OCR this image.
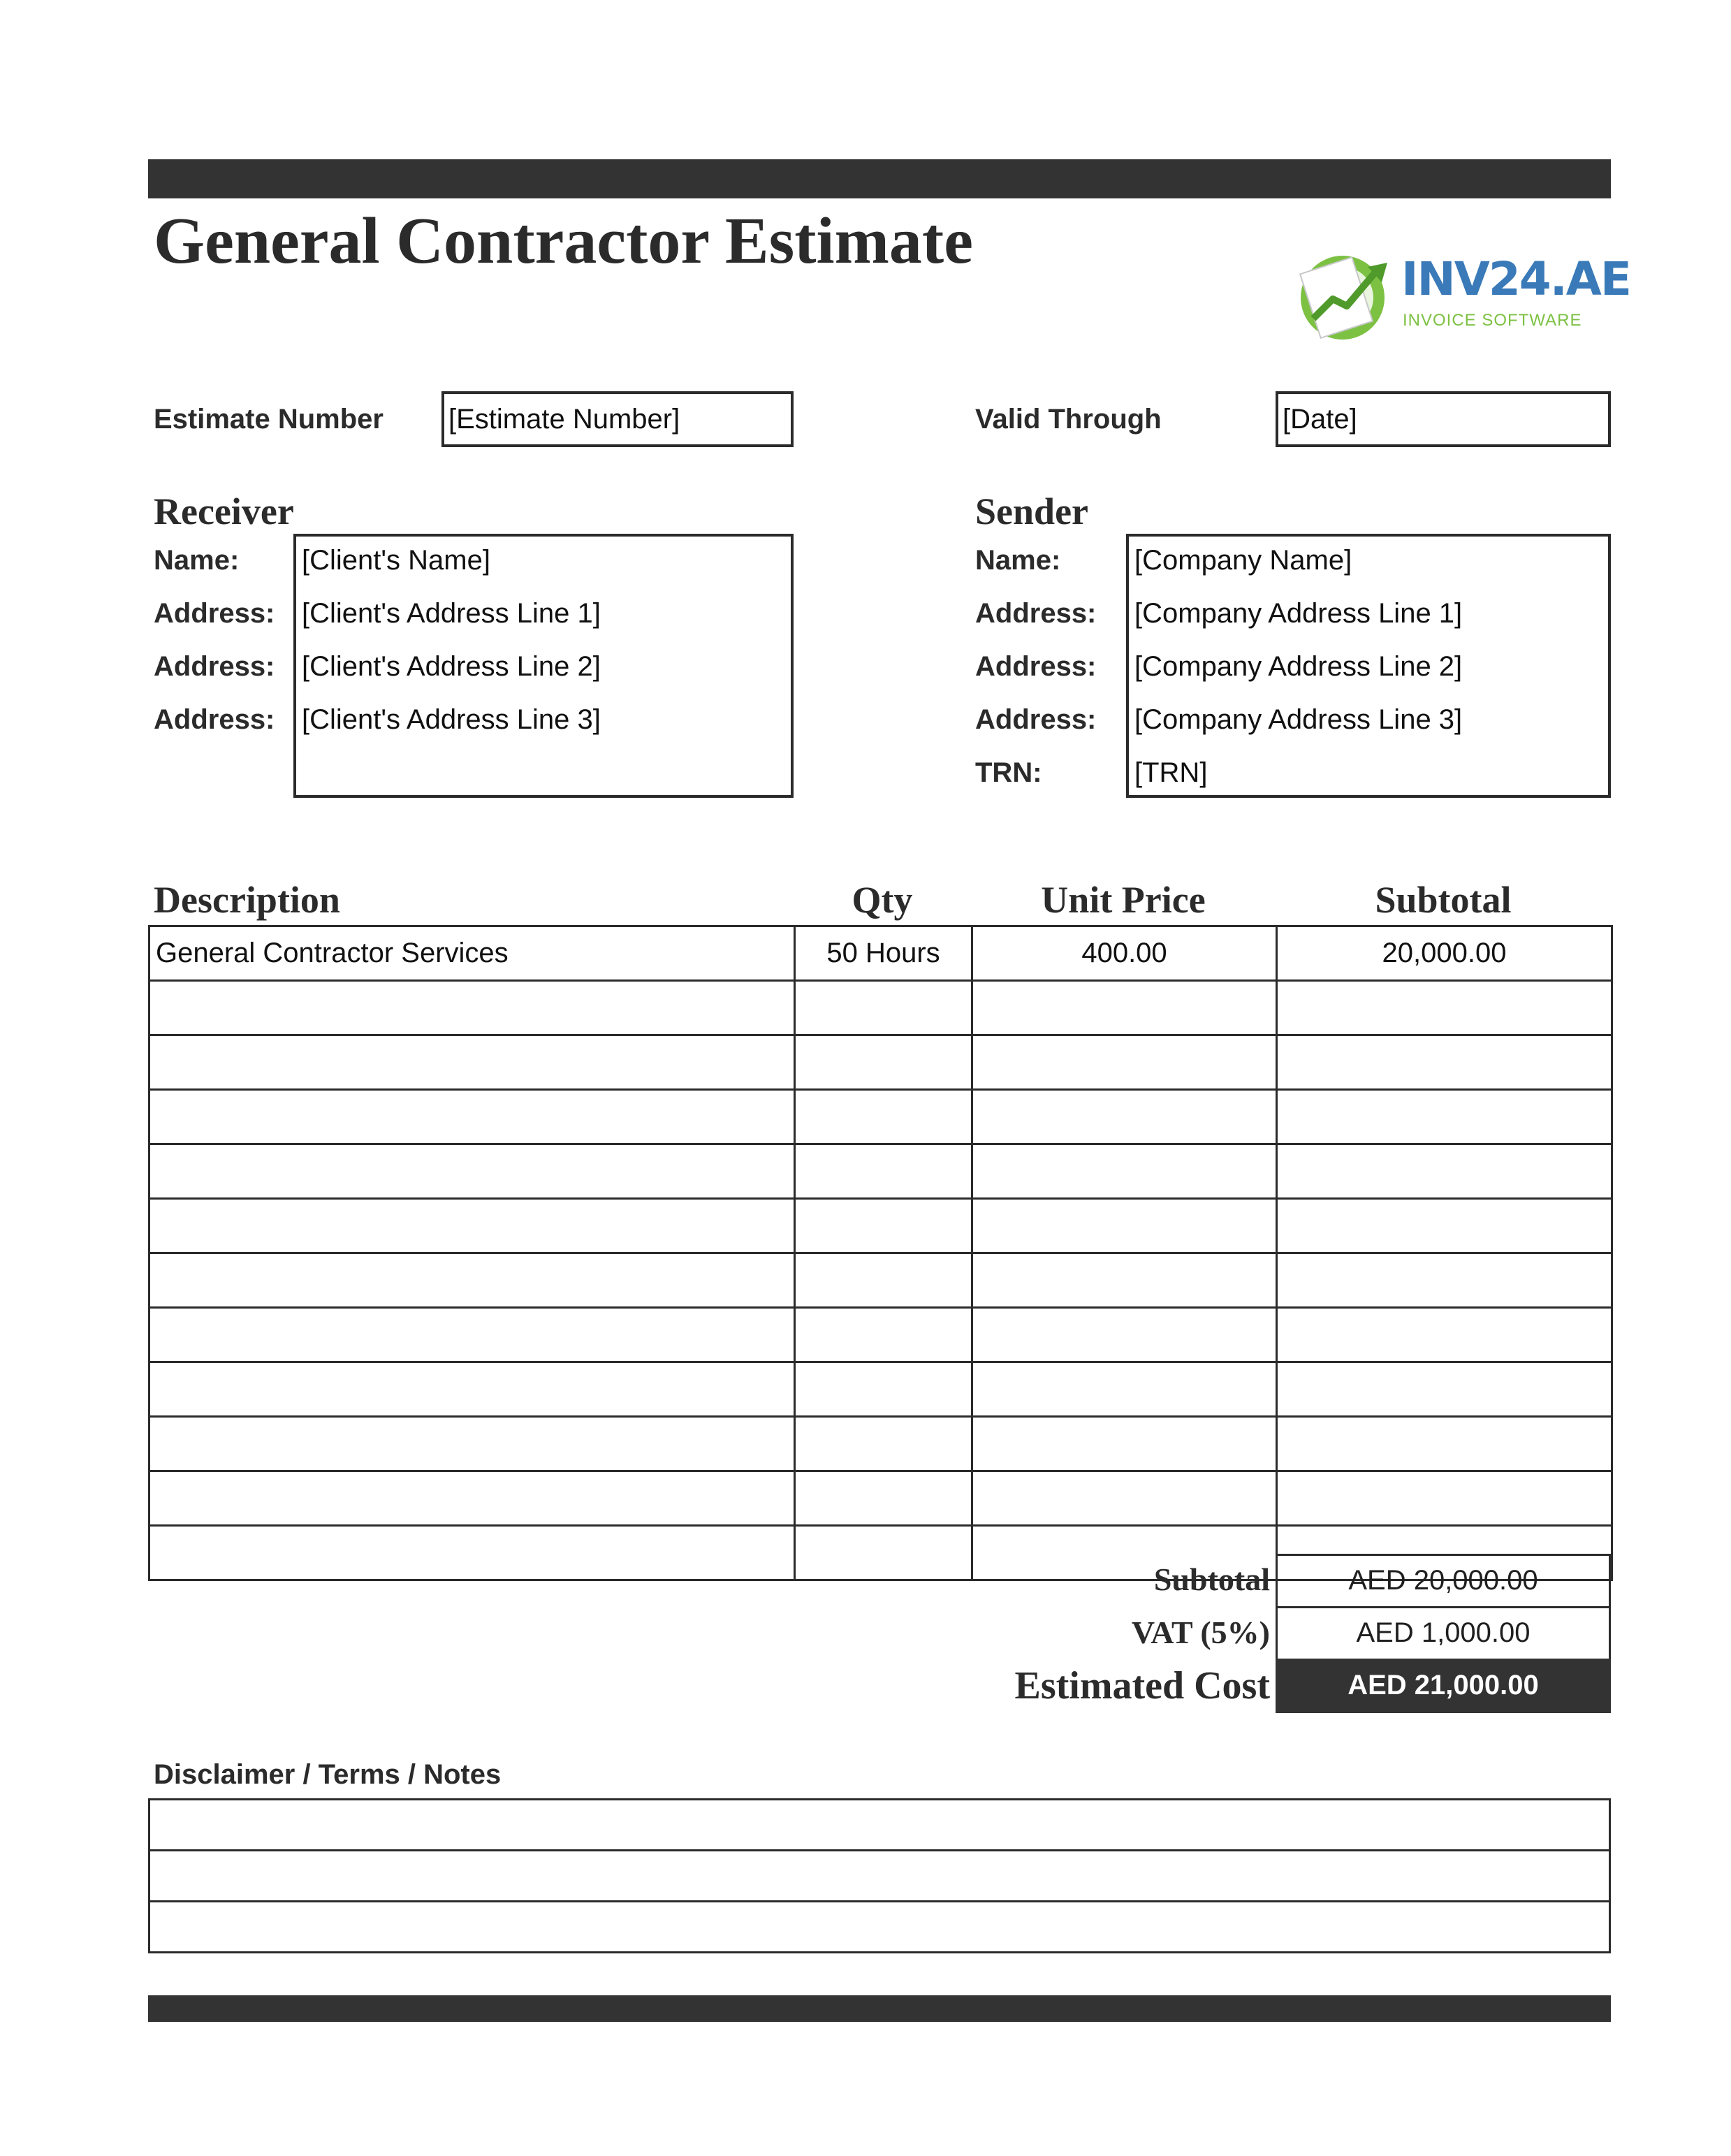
General Contractor Estimate
INV24.AE
INVOICE SOFTWARE
Estimate Number [Estimate Number]	Valid Through	[Date]
Receiver
Name: [Client's Name]
Address: [Client's Address Line 1]
Address: [Client's Address Line 2]
Address: [Client's Address Line 3]
Sender
Name:	[Company Name]
Address: [Company Address Line 1]
Address: [Company Address Line 2]
Address: [Company Address Line 3]
TRN:	[TRN]
Description	Qty	Unit Price	Subtotal
General Contractor Services	50 Hours	400.00	20,000.00

Subtotal	AED 20,000.00
VAT (5%)	AED 1,000.00
Estimated Cost	AED 21,000.00
Disclaimer / Terms / Notes
